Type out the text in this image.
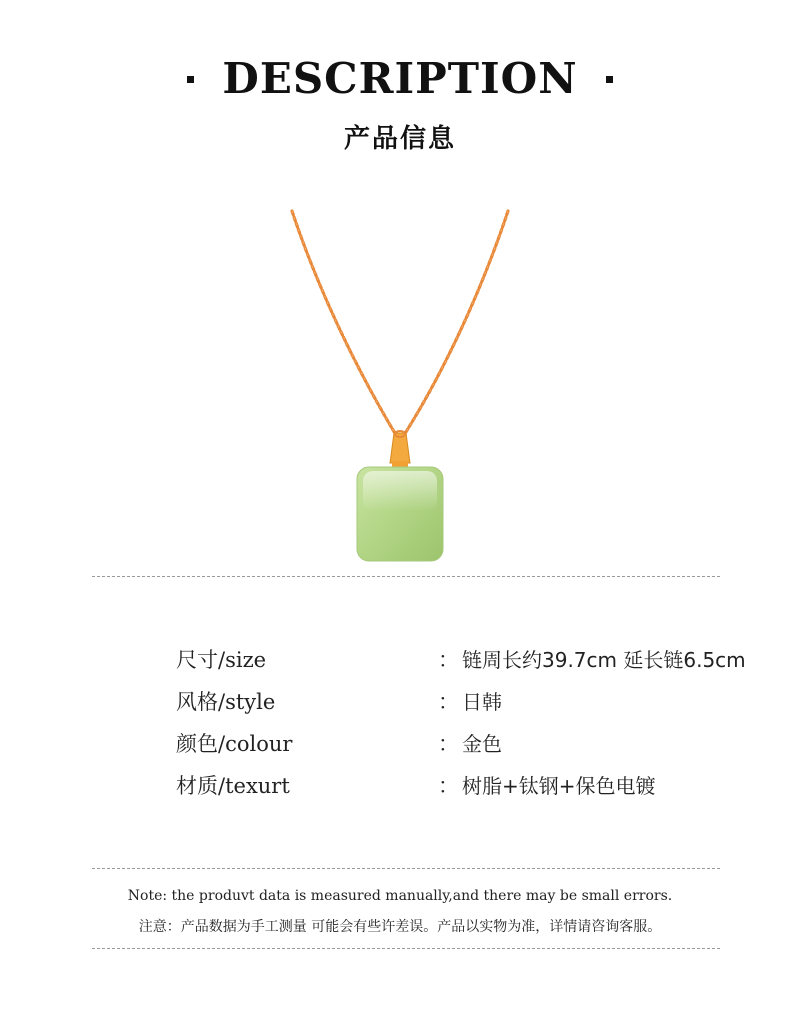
DESCRIPTION
产品信息
尺寸/size	： 链周长约39.7cm 延长链6.5cm
风格/style	： 日韩
颜色/colour	： 金色
材质/texurt	： 树脂+钛钢+保色电镀
Note: the produvt data is measured manually,and there may be small errors.
注意：产品数据为手工测量 可能会有些许差误。产品以实物为准，详情请咨询客服。
